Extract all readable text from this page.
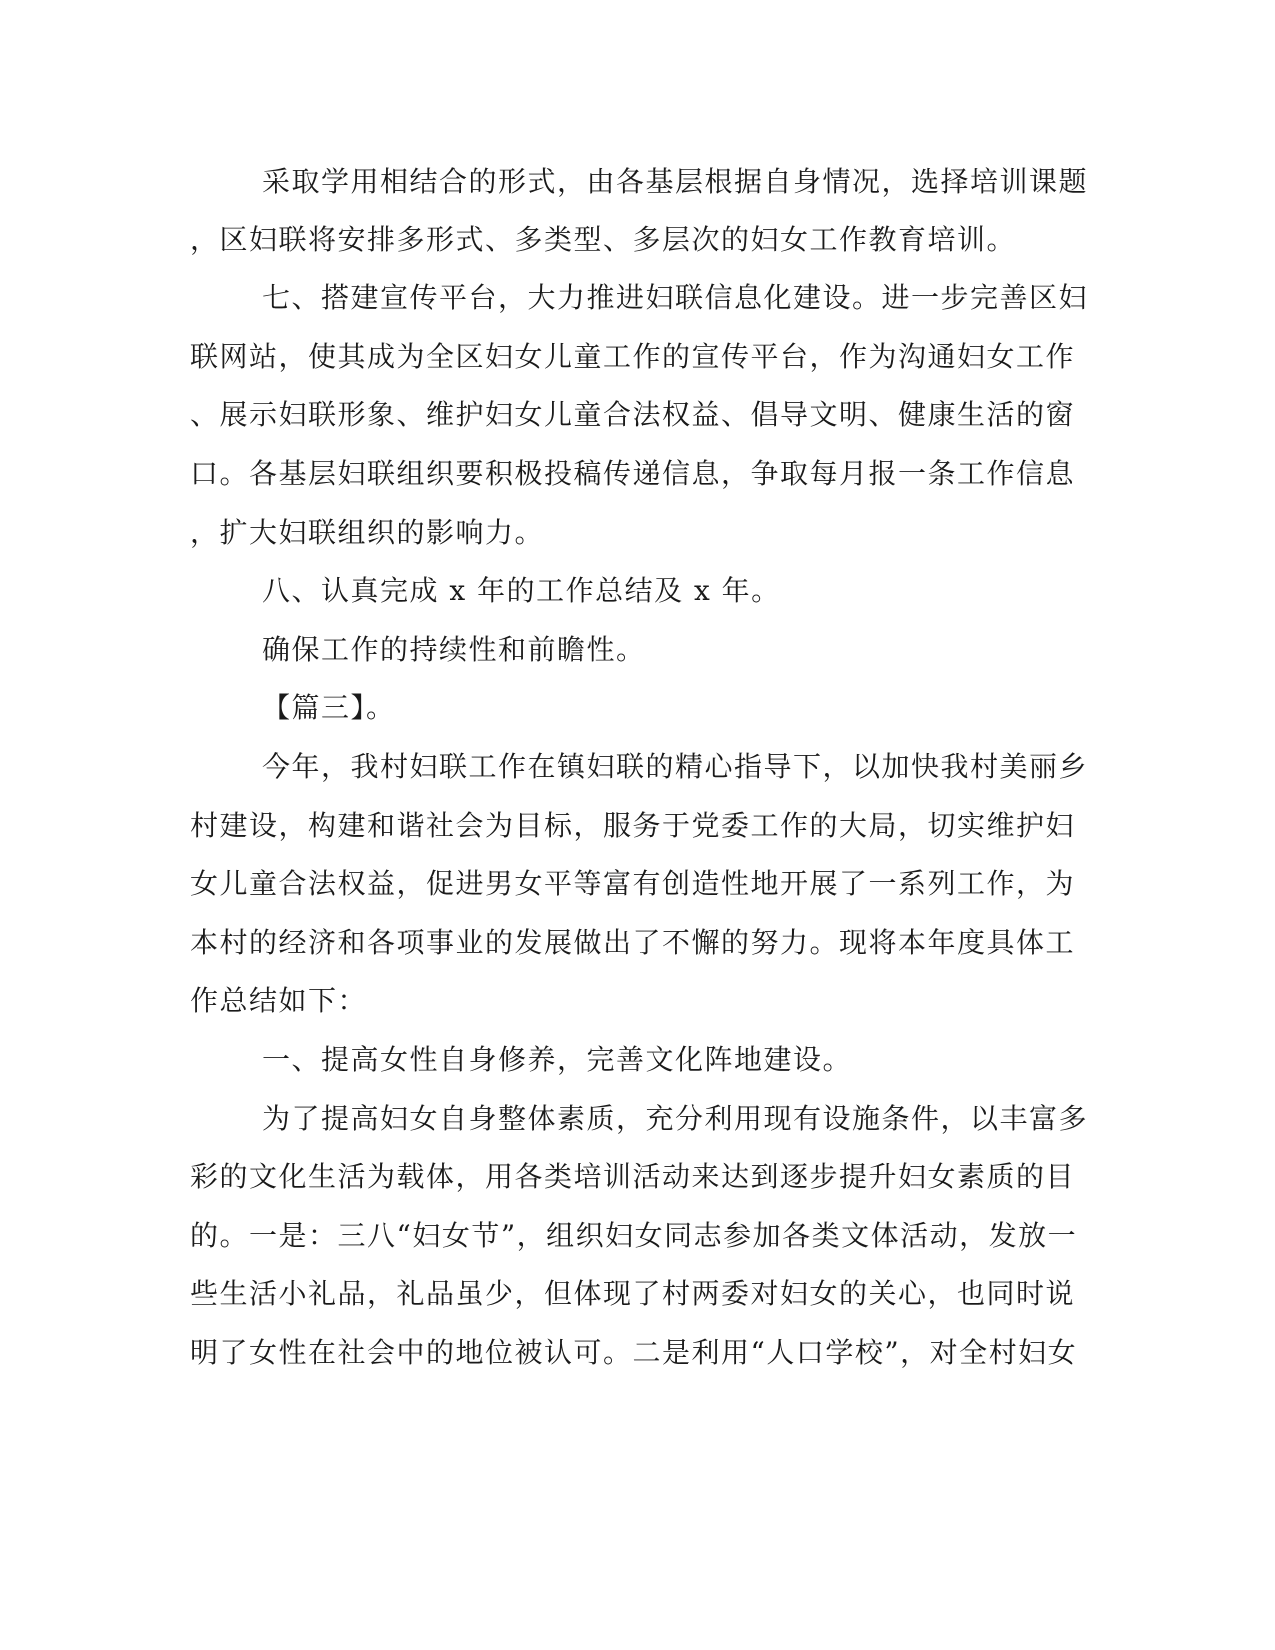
采取学用相结合的形式，由各基层根据自身情况，选择培训课题
，区妇联将安排多形式、多类型、多层次的妇女工作教育培训。
七、搭建宣传平台，大力推进妇联信息化建设。进一步完善区妇
联网站，使其成为全区妇女儿童工作的宣传平台，作为沟通妇女工作
、展示妇联形象、维护妇女儿童合法权益、倡导文明、健康生活的窗
口。各基层妇联组织要积极投稿传递信息，争取每月报一条工作信息
，扩大妇联组织的影响力。
八、认真完成 x 年的工作总结及 x 年。
确保工作的持续性和前瞻性。
【篇三】。
今年，我村妇联工作在镇妇联的精心指导下，以加快我村美丽乡
村建设，构建和谐社会为目标，服务于党委工作的大局，切实维护妇
女儿童合法权益，促进男女平等富有创造性地开展了一系列工作，为
本村的经济和各项事业的发展做出了不懈的努力。现将本年度具体工
作总结如下：
一、提高女性自身修养，完善文化阵地建设。
为了提高妇女自身整体素质，充分利用现有设施条件，以丰富多
彩的文化生活为载体，用各类培训活动来达到逐步提升妇女素质的目
的。一是：三八“妇女节”，组织妇女同志参加各类文体活动，发放一
些生活小礼品，礼品虽少，但体现了村两委对妇女的关心，也同时说
明了女性在社会中的地位被认可。二是利用“人口学校”，对全村妇女
